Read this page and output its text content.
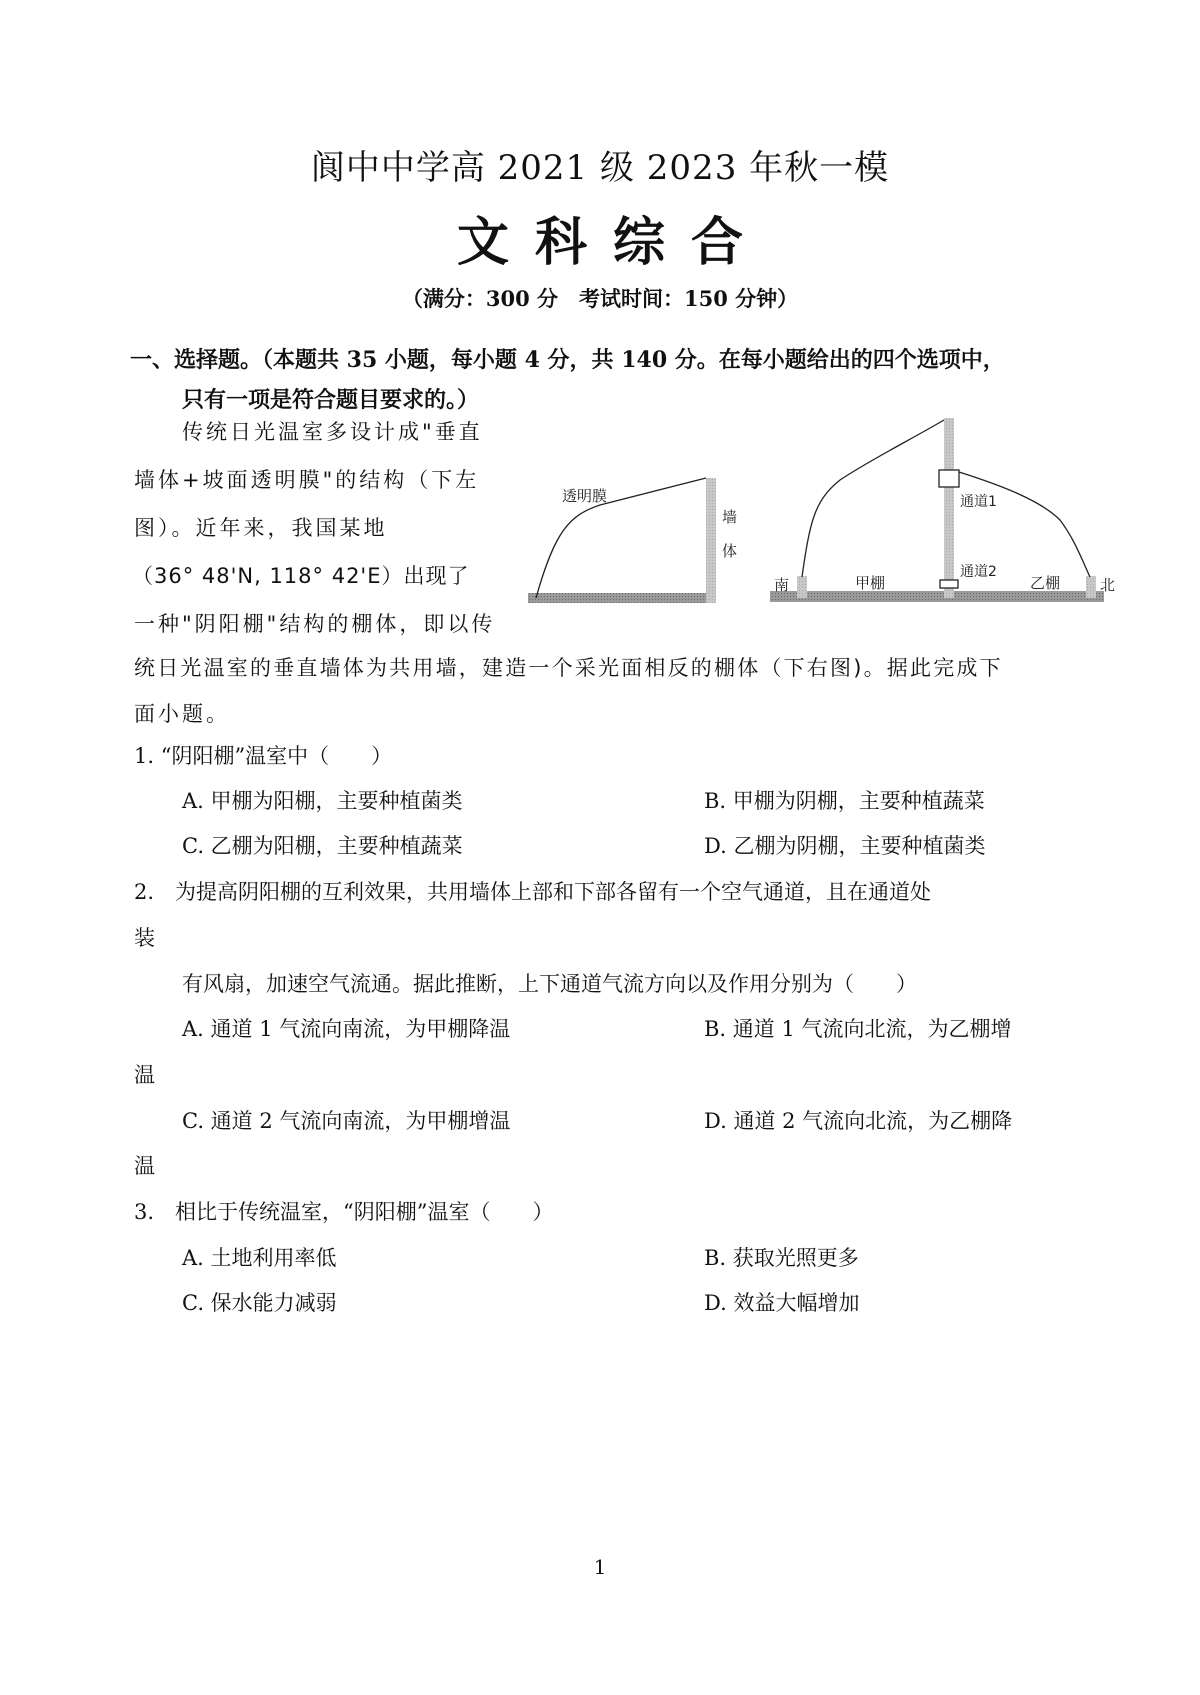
阆中中学高 2021 级 2023 年秋一模
文科综合
（满分：300 分　考试时间：150 分钟）
一、选择题。（本题共 35 小题，每小题 4 分，共 140 分。在每小题给出的四个选项中，
只有一项是符合题目要求的。）
传统日光温室多设计成"垂直
墙体+坡面透明膜"的结构（下左
图）。近年来，我国某地
（36° 48'N, 118° 42'E）出现了
一种"阴阳棚"结构的棚体，即以传
统日光温室的垂直墙体为共用墙，建造一个采光面相反的棚体（下右图)。据此完成下
面小题。
透明膜
墙
体
南	北
甲棚	乙棚
通道1
通道2
1. “阴阳棚”温室中（　　）
A. 甲棚为阳棚，主要种植菌类	B. 甲棚为阴棚，主要种植蔬菜
C. 乙棚为阳棚，主要种植蔬菜	D. 乙棚为阴棚，主要种植菌类
2.　为提高阴阳棚的互利效果，共用墙体上部和下部各留有一个空气通道，且在通道处
装
有风扇，加速空气流通。据此推断，上下通道气流方向以及作用分别为（　　）
A. 通道 1 气流向南流，为甲棚降温	B. 通道 1 气流向北流，为乙棚增
温
C. 通道 2 气流向南流，为甲棚增温	D. 通道 2 气流向北流，为乙棚降
温
3.　相比于传统温室，“阴阳棚”温室（　　）
A. 土地利用率低	B. 获取光照更多
C. 保水能力减弱	D. 效益大幅增加
1
